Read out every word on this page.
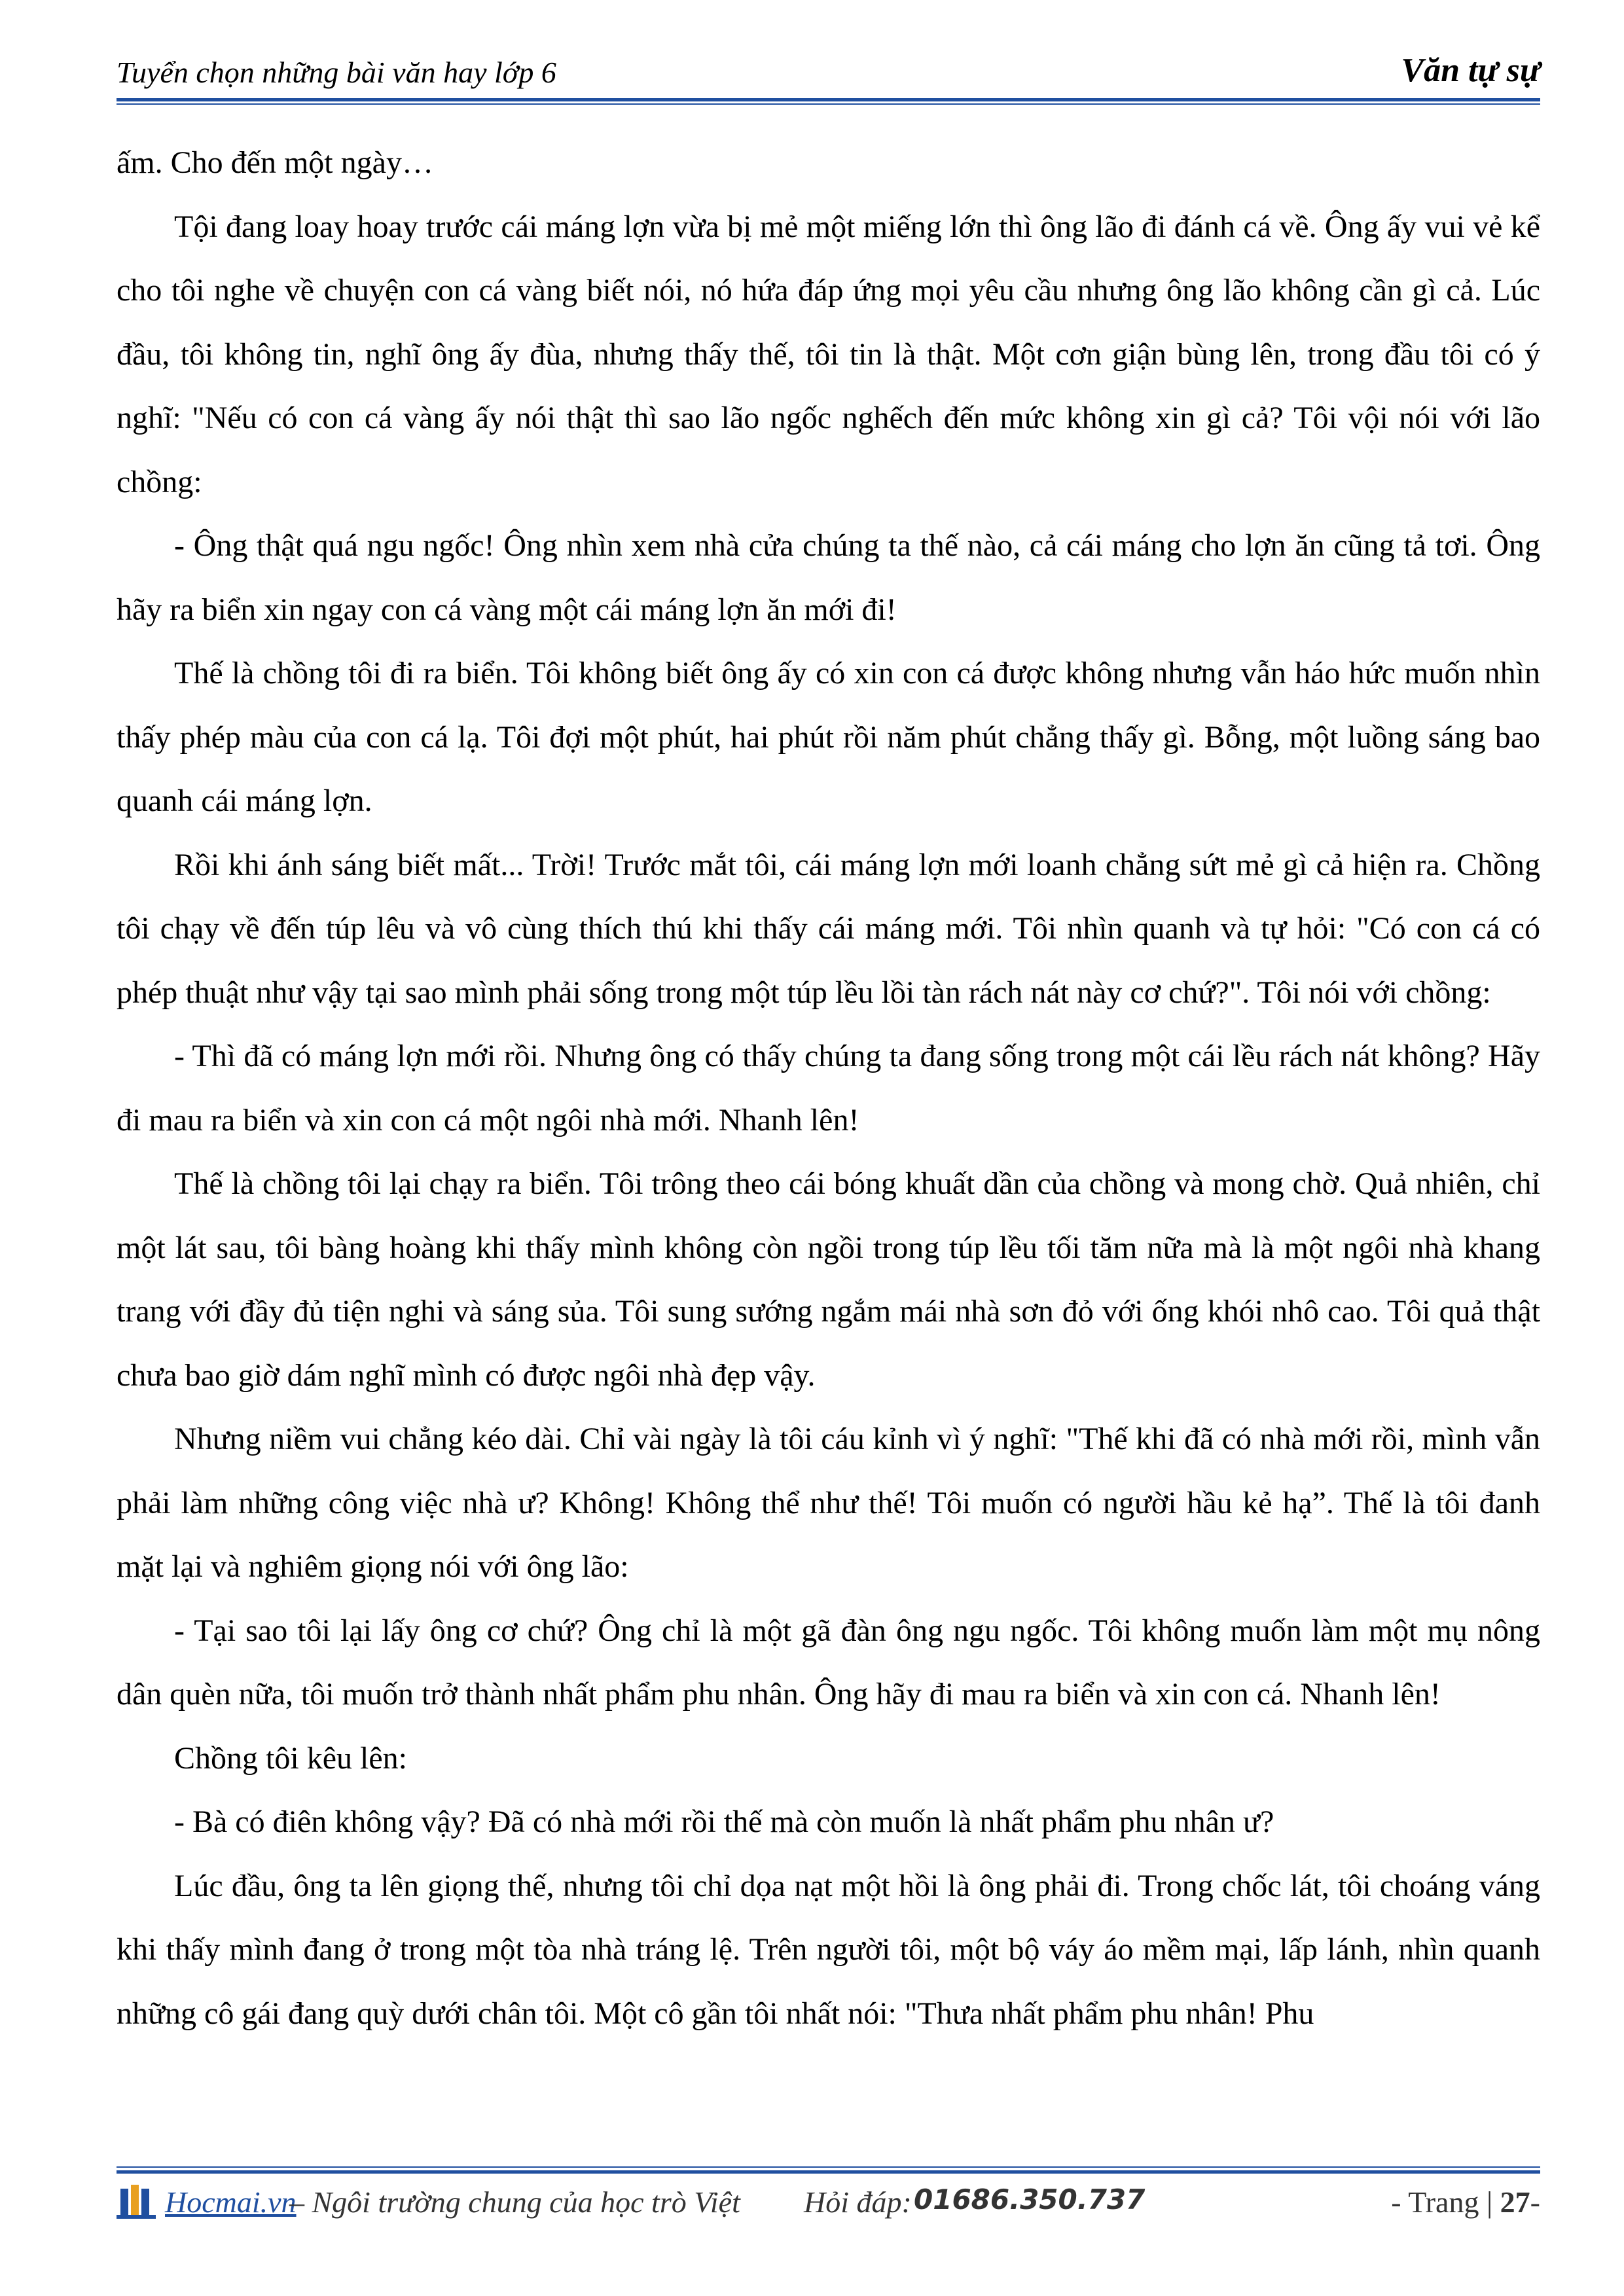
Tuyển chọn những bài văn hay lớp 6	Văn tự sự

ấm. Cho đến một ngày…

Tội đang loay hoay trước cái máng lợn vừa bị mẻ một miếng lớn thì ông lão đi đánh cá về. Ông ấy vui vẻ kể cho tôi nghe về chuyện con cá vàng biết nói, nó hứa đáp ứng mọi yêu cầu nhưng ông lão không cần gì cả. Lúc đầu, tôi không tin, nghĩ ông ấy đùa, nhưng thấy thế, tôi tin là thật. Một cơn giận bùng lên, trong đầu tôi có ý nghĩ: "Nếu có con cá vàng ấy nói thật thì sao lão ngốc nghếch đến mức không xin gì cả? Tôi vội nói với lão chồng:

- Ông thật quá ngu ngốc! Ông nhìn xem nhà cửa chúng ta thế nào, cả cái máng cho lợn ăn cũng tả tơi. Ông hãy ra biển xin ngay con cá vàng một cái máng lợn ăn mới đi!

Thế là chồng tôi đi ra biển. Tôi không biết ông ấy có xin con cá được không nhưng vẫn háo hức muốn nhìn thấy phép màu của con cá lạ. Tôi đợi một phút, hai phút rồi năm phút chẳng thấy gì. Bỗng, một luồng sáng bao quanh cái máng lợn.

Rồi khi ánh sáng biết mất... Trời! Trước mắt tôi, cái máng lợn mới loanh chẳng sứt mẻ gì cả hiện ra. Chồng tôi chạy về đến túp lêu và vô cùng thích thú khi thấy cái máng mới. Tôi nhìn quanh và tự hỏi: "Có con cá có phép thuật như vậy tại sao mình phải sống trong một túp lều lồi tàn rách nát này cơ chứ?". Tôi nói với chồng:

- Thì đã có máng lợn mới rồi. Nhưng ông có thấy chúng ta đang sống trong một cái lều rách nát không? Hãy đi mau ra biển và xin con cá một ngôi nhà mới. Nhanh lên!

Thế là chồng tôi lại chạy ra biển. Tôi trông theo cái bóng khuất dần của chồng và mong chờ. Quả nhiên, chỉ một lát sau, tôi bàng hoàng khi thấy mình không còn ngồi trong túp lều tối tăm nữa mà là một ngôi nhà khang trang với đầy đủ tiện nghi và sáng sủa. Tôi sung sướng ngắm mái nhà sơn đỏ với ống khói nhô cao. Tôi quả thật chưa bao giờ dám nghĩ mình có được ngôi nhà đẹp vậy.

Nhưng niềm vui chẳng kéo dài. Chỉ vài ngày là tôi cáu kỉnh vì ý nghĩ: "Thế khi đã có nhà mới rồi, mình vẫn phải làm những công việc nhà ư? Không! Không thể như thế! Tôi muốn có người hầu kẻ hạ”. Thế là tôi đanh mặt lại và nghiêm giọng nói với ông lão:

- Tại sao tôi lại lấy ông cơ chứ? Ông chỉ là một gã đàn ông ngu ngốc. Tôi không muốn làm một mụ nông dân quèn nữa, tôi muốn trở thành nhất phẩm phu nhân. Ông hãy đi mau ra biển và xin con cá. Nhanh lên!

Chồng tôi kêu lên:

- Bà có điên không vậy? Đã có nhà mới rồi thế mà còn muốn là nhất phẩm phu nhân ư?

Lúc đầu, ông ta lên giọng thế, nhưng tôi chỉ dọa nạt một hồi là ông phải đi. Trong chốc lát, tôi choáng váng khi thấy mình đang ở trong một tòa nhà tráng lệ. Trên người tôi, một bộ váy áo mềm mại, lấp lánh, nhìn quanh những cô gái đang quỳ dưới chân tôi. Một cô gần tôi nhất nói: "Thưa nhất phẩm phu nhân! Phu

Hocmai.vn
– Ngôi trường chung của học trò Việt Hỏi đáp: 01686.350.737	- Trang | 27-
